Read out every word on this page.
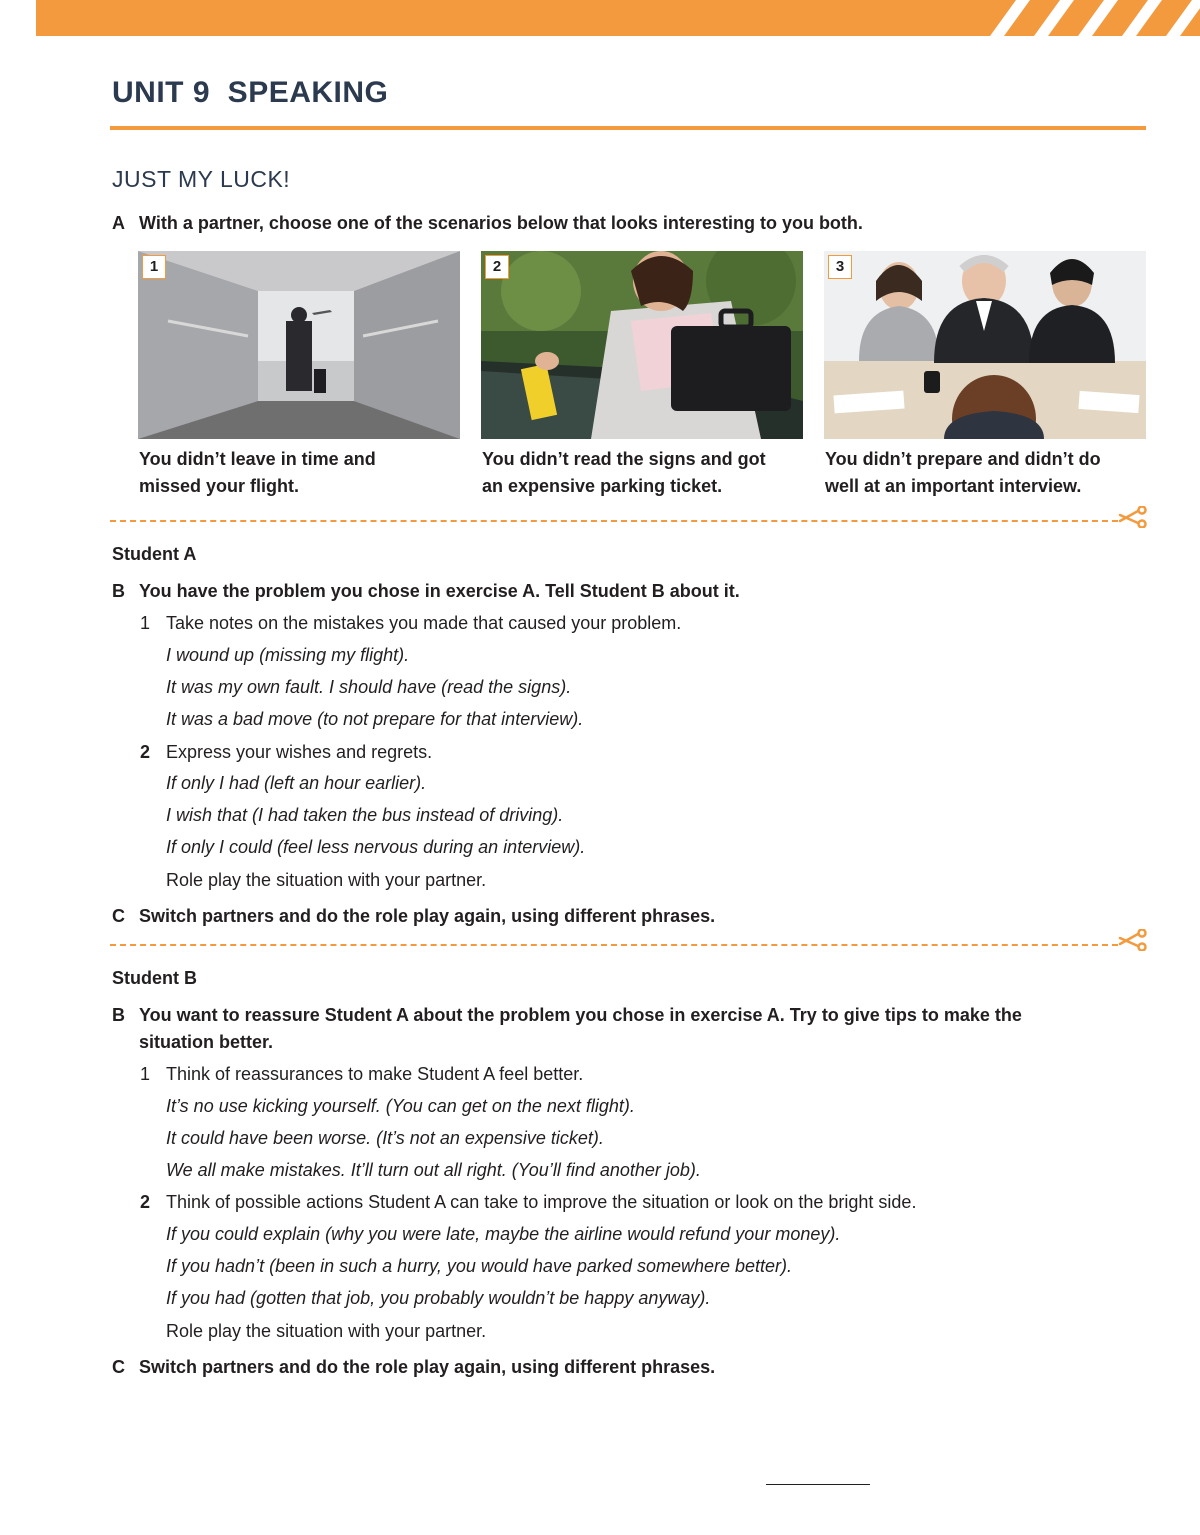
UNIT 9  SPEAKING
JUST MY LUCK!
A With a partner, choose one of the scenarios below that looks interesting to you both.
1	2	3
You didn’t leave in time and
missed your flight.
You didn’t read the signs and got
an expensive parking ticket.
You didn’t prepare and didn’t do
well at an important interview.
Student A
B You have the problem you chose in exercise A. Tell Student B about it.
1 Take notes on the mistakes you made that caused your problem.
I wound up (missing my flight).
It was my own fault. I should have (read the signs).
It was a bad move (to not prepare for that interview).
2 Express your wishes and regrets.
If only I had (left an hour earlier).
I wish that (I had taken the bus instead of driving).
If only I could (feel less nervous during an interview).
Role play the situation with your partner.
C Switch partners and do the role play again, using different phrases.
Student B
B You want to reassure Student A about the problem you chose in exercise A. Try to give tips to make the
situation better.
1 Think of reassurances to make Student A feel better.
It’s no use kicking yourself. (You can get on the next flight).
It could have been worse. (It’s not an expensive ticket).
We all make mistakes. It’ll turn out all right. (You’ll find another job).
2 Think of possible actions Student A can take to improve the situation or look on the bright side.
If you could explain (why you were late, maybe the airline would refund your money).
If you hadn’t (been in such a hurry, you would have parked somewhere better).
If you had (gotten that job, you probably wouldn’t be happy anyway).
Role play the situation with your partner.
C Switch partners and do the role play again, using different phrases.
